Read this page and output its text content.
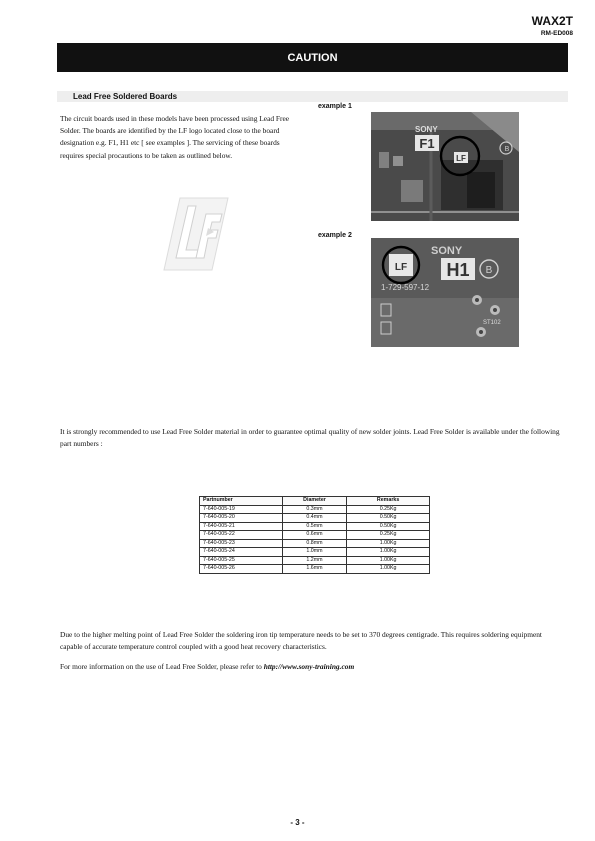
WAX2T
RM-ED008
CAUTION
Lead Free Soldered Boards
The circuit boards used in these models have been processed using Lead Free Solder. The boards are identified by the LF logo located close to the board designation e.g. F1, H1 etc [ see examples ]. The servicing of these boards requires special procautions to be taken as outlined below.
example 1
B
SONY
F1
LF
example 2
SONY
LF H1 B
1-729-597-12
ST102
It is strongly recommended to use Lead Free Solder material in order to guarantee optimal quality of new solder joints. Lead Free Solder is available under the following part numbers :
Partnumber	Diameter	Remarks
7-640-005-19	0.3mm	0.25Kg
7-640-005-20	0.4mm	0.50Kg
7-640-005-21	0.5mm	0.50Kg
7-640-005-22	0.6mm	0.25Kg
7-640-005-23	0.8mm	1.00Kg
7-640-005-24	1.0mm	1.00Kg
7-640-005-25	1.2mm	1.00Kg
7-640-005-26	1.6mm	1.00Kg
Due to the higher melting point of Lead Free Solder the soldering iron tip temperature needs to be set to 370 degrees centigrade. This requires soldering equipment capable of accurate temperature control coupled with a good heat recovery characteristics.
For more information on the use of Lead Free Solder, please refer to http://www.sony-training.com
- 3 -
